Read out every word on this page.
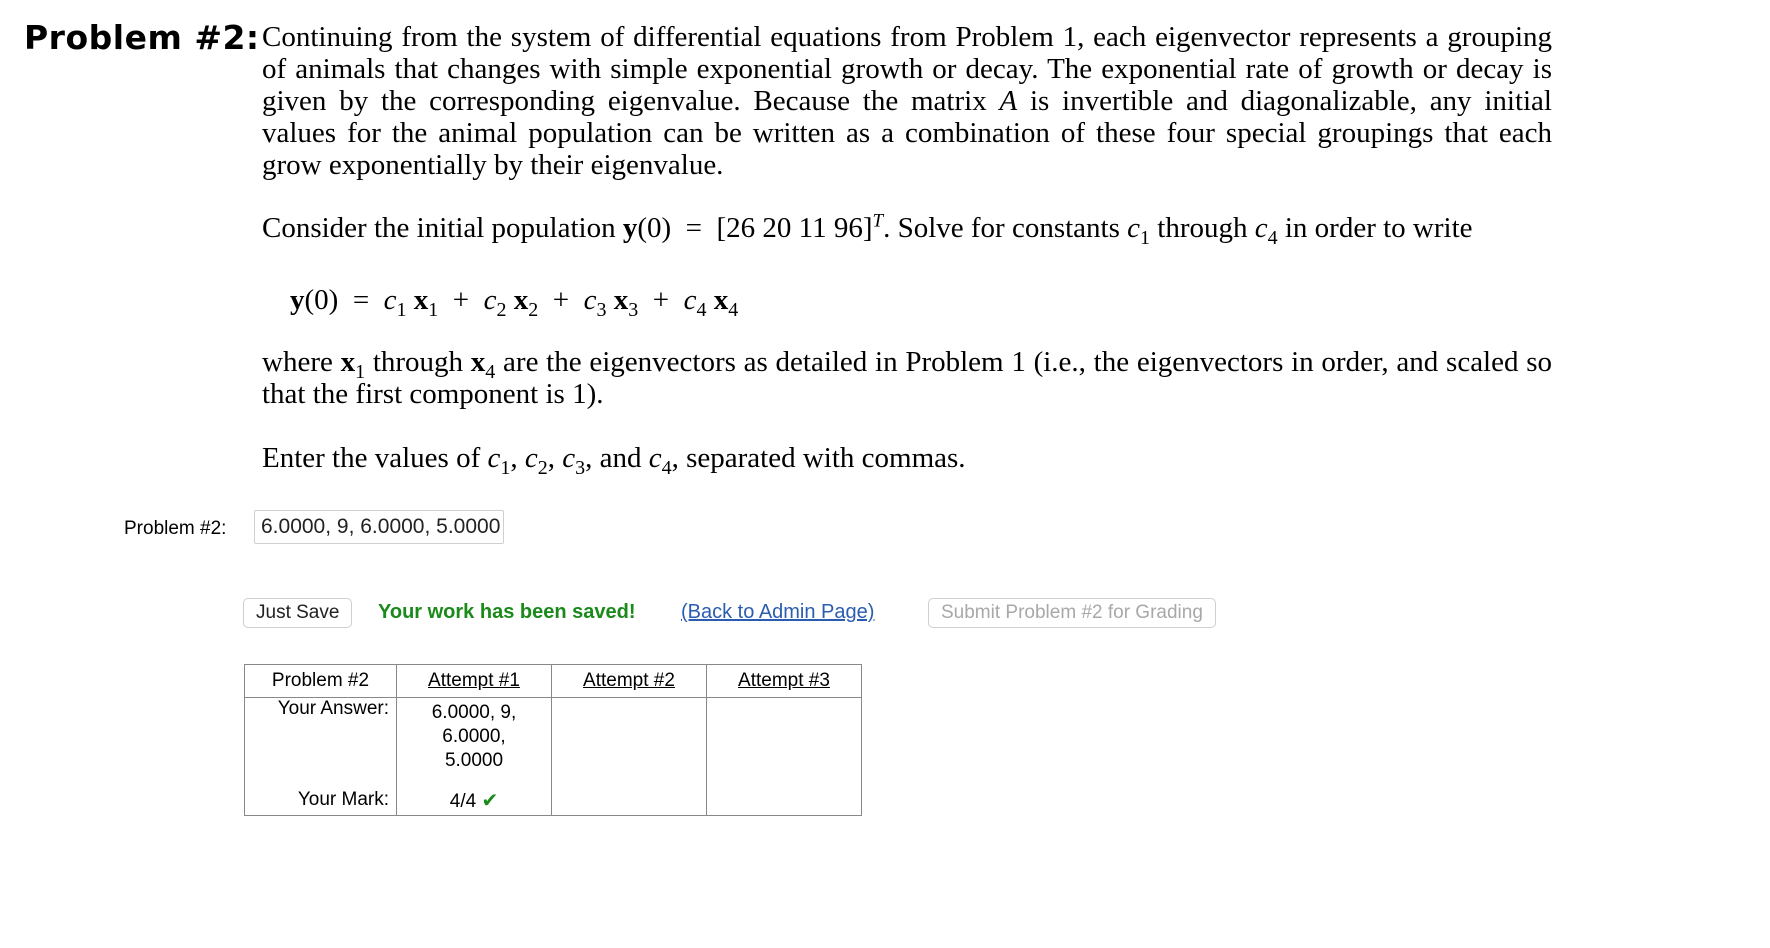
Problem #2: Continuing from the system of differential equations from Problem 1, each eigenvector represents a grouping of animals that changes with simple exponential growth or decay. The exponential rate of growth or decay is given by the corresponding eigenvalue. Because the matrix A is invertible and diagonalizable, any initial values for the animal population can be written as a combination of these four special groupings that each grow exponentially by their eigenvalue.
Consider the initial population y(0)  =  [26 20 11 96]$^T$. Solve for constants $c_1$ through $c_4$ in order to write
$y(0) = c_1$ $x_1 + c_2$ $x_2 + c_3$ $x_3 + c_4$ $x_4$
where $x_1$ through $x_4$ are the eigenvectors as detailed in Problem 1 (i.e., the eigenvectors in order, and scaled so that the first component is 1).
Enter the values of $c_1$, $c_2$, $c_3$, and $c_4$, separated with commas.
Problem #2:
6.0000, 9, 6.0000, 5.0000
Just Save	Your work has been saved! (Back to Admin Page)	Submit Problem #2 for Grading
Problem #2	Attempt #1	Attempt #2	Attempt #3
Your Answer:	6.0000, 9,
6.0000,
5.0000		

Your Mark:	4/4 ✔		
